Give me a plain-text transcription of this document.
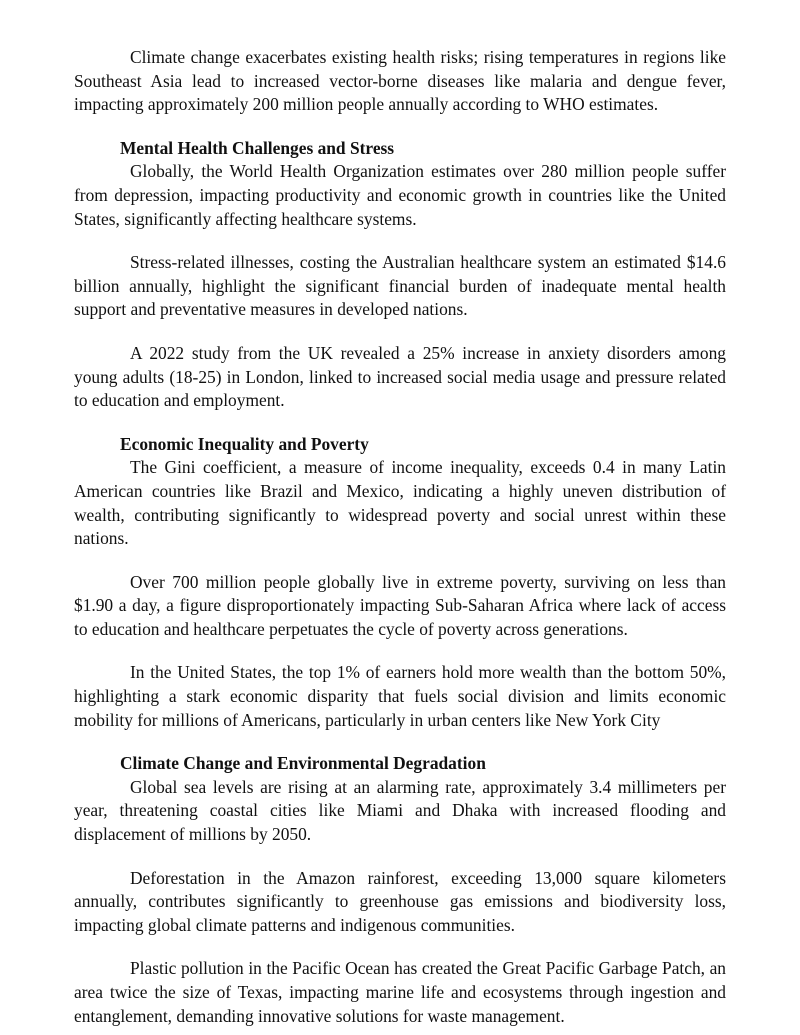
Climate change exacerbates existing health risks; rising temperatures in regions like Southeast Asia lead to increased vector-borne diseases like malaria and dengue fever, impacting approximately 200 million people annually according to WHO estimates.

Mental Health Challenges and Stress

Globally, the World Health Organization estimates over 280 million people suffer from depression, impacting productivity and economic growth in countries like the United States, significantly affecting healthcare systems.

Stress-related illnesses, costing the Australian healthcare system an estimated $14.6 billion annually, highlight the significant financial burden of inadequate mental health support and preventative measures in developed nations.

A 2022 study from the UK revealed a 25% increase in anxiety disorders among young adults (18-25) in London, linked to increased social media usage and pressure related to education and employment.

Economic Inequality and Poverty

The Gini coefficient, a measure of income inequality, exceeds 0.4 in many Latin American countries like Brazil and Mexico, indicating a highly uneven distribution of wealth, contributing significantly to widespread poverty and social unrest within these nations.

Over 700 million people globally live in extreme poverty, surviving on less than $1.90 a day, a figure disproportionately impacting Sub-Saharan Africa where lack of access to education and healthcare perpetuates the cycle of poverty across generations.

In the United States, the top 1% of earners hold more wealth than the bottom 50%, highlighting a stark economic disparity that fuels social division and limits economic mobility for millions of Americans, particularly in urban centers like New York City

Climate Change and Environmental Degradation

Global sea levels are rising at an alarming rate, approximately 3.4 millimeters per year, threatening coastal cities like Miami and Dhaka with increased flooding and displacement of millions by 2050.

Deforestation in the Amazon rainforest, exceeding 13,000 square kilometers annually, contributes significantly to greenhouse gas emissions and biodiversity loss, impacting global climate patterns and indigenous communities.

Plastic pollution in the Pacific Ocean has created the Great Pacific Garbage Patch, an area twice the size of Texas, impacting marine life and ecosystems through ingestion and entanglement, demanding innovative solutions for waste management.
